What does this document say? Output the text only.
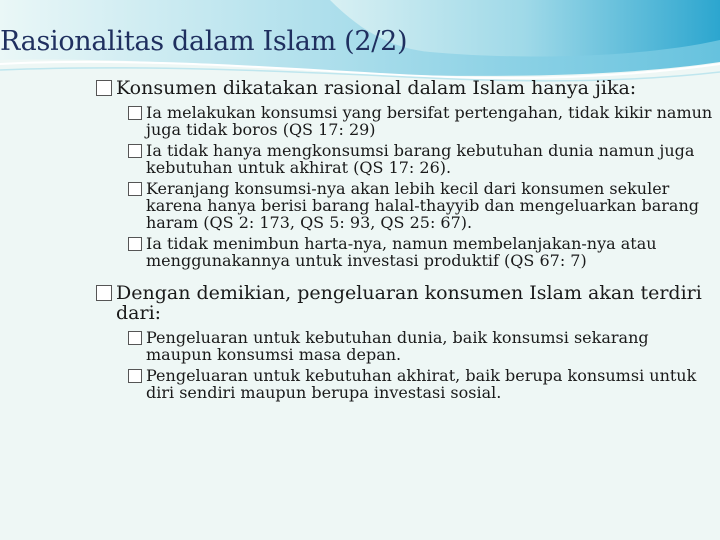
Rasionalitas dalam Islam (2/2)
Konsumen dikatakan rasional dalam Islam hanya jika:
Ia melakukan konsumsi yang bersifat pertengahan, tidak kikir namun juga tidak boros (QS 17: 29)
Ia tidak hanya mengkonsumsi barang kebutuhan dunia namun juga kebutuhan untuk akhirat (QS 17: 26).
Keranjang konsumsi-nya akan lebih kecil dari konsumen sekuler karena hanya berisi barang halal-thayyib dan mengeluarkan barang haram (QS 2: 173, QS 5: 93, QS 25: 67).
Ia tidak menimbun harta-nya, namun membelanjakan-nya atau menggunakannya untuk investasi produktif (QS 67: 7)
Dengan demikian, pengeluaran konsumen Islam akan terdiri dari:
Pengeluaran untuk kebutuhan dunia, baik konsumsi sekarang maupun konsumsi masa depan.
Pengeluaran untuk kebutuhan akhirat, baik berupa konsumsi untuk diri sendiri maupun berupa investasi sosial.
